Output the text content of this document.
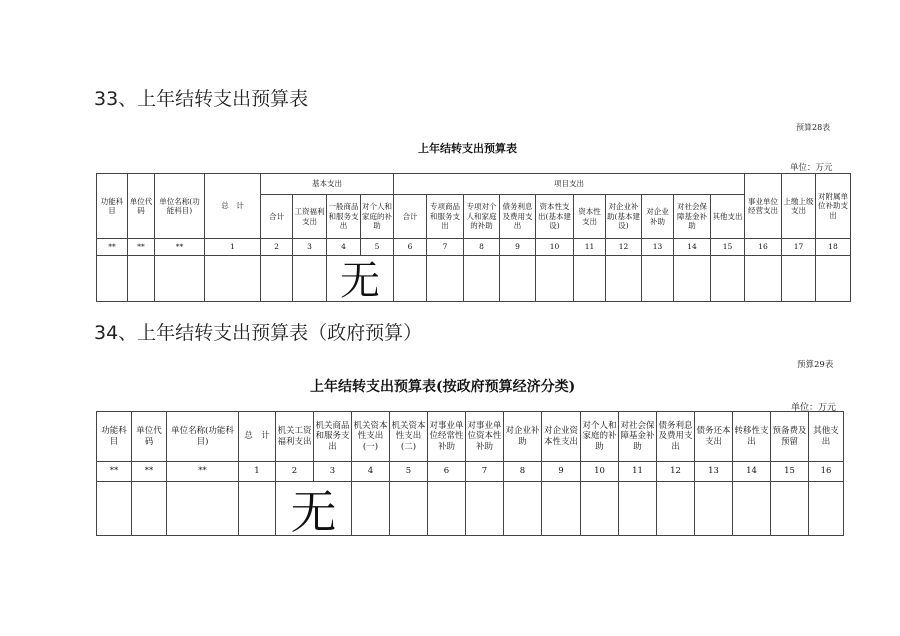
33、上年结转支出预算表
预算28表
上年结转支出预算表
单位：万元
功能科目	单位代码	单位名称(功能科目)	总　计	基本支出				项目支出										事业单位经营支出	上缴上级支出	对附属单位补助支出
				合计	工资福利支出	一般商品和服务支出	对个人和家庭的补助	合计	专项商品和服务支出	专项对个人和家庭的补助	债务利息及费用支出	资本性支出(基本建设)	资本性支出	对企业补助(基本建设)	对企业补助	对社会保障基金补助	其他支出			
**	**	**	1	2	3	4	5	6	7	8	9	10	11	12	13	14	15	16	17	18
						无														
34、上年结转支出预算表（政府预算）
预算29表
上年结转支出预算表(按政府预算经济分类)
单位：万元
功能科目	单位代码	单位名称(功能科目)	总　计	机关工资福利支出	机关商品和服务支出	机关资本性支出(一)	机关资本性支出(二)	对事业单位经常性补助	对事业单位资本性补助	对企业补助	对企业资本性支出	对个人和家庭的补助	对社会保障基金补助	债务利息及费用支出	债务还本支出	转移性支出	预备费及预留	其他支出
**	**	**	1	2	3	4	5	6	7	8	9	10	11	12	13	14	15	16
				无														
